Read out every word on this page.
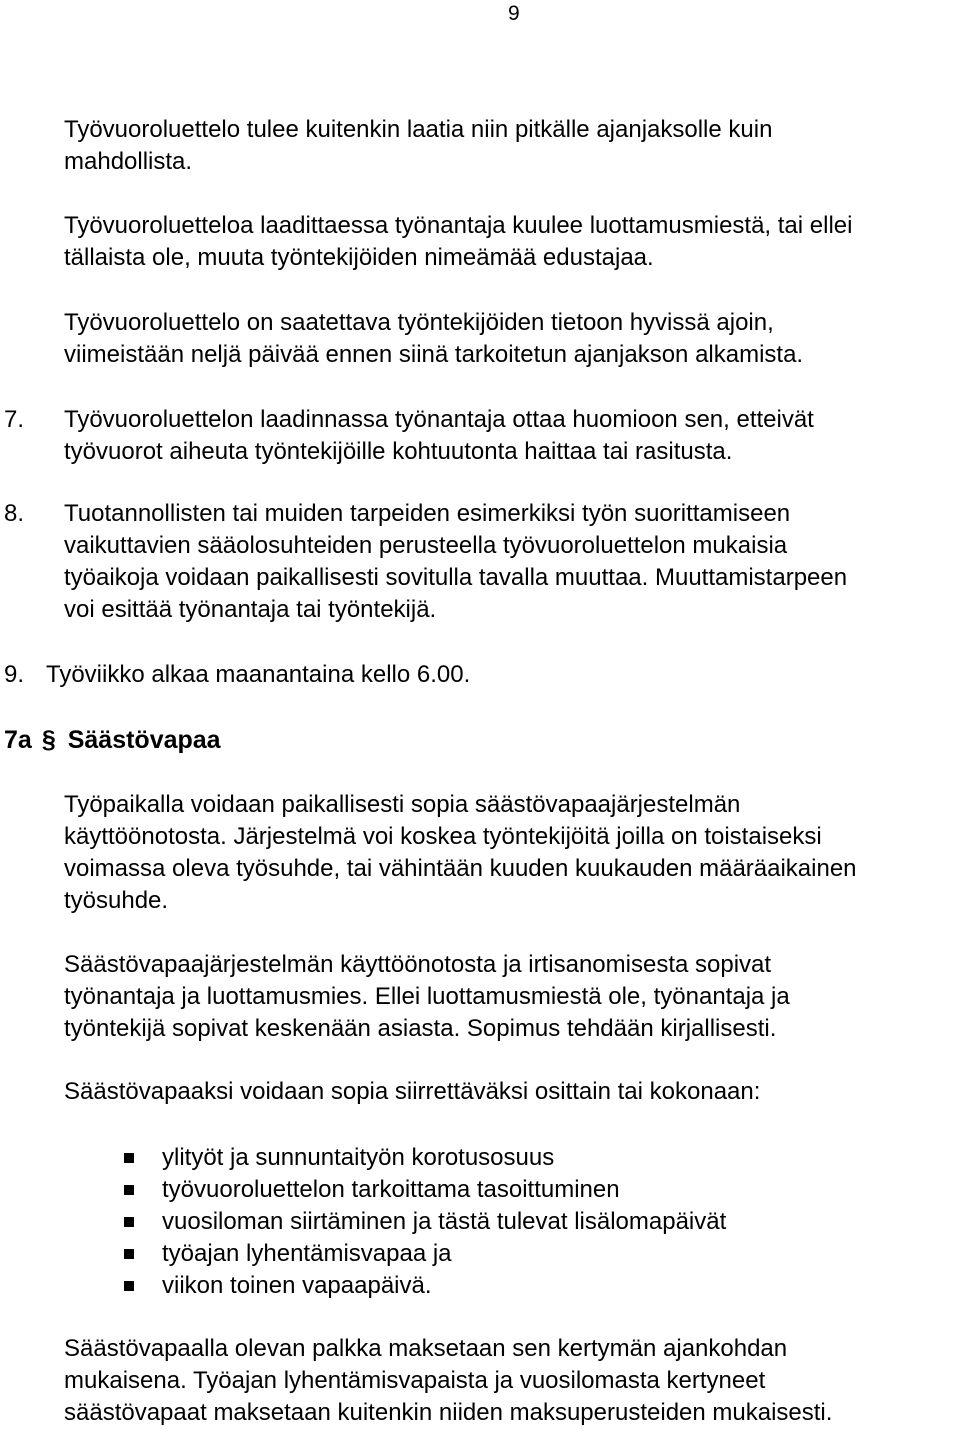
9
Työvuoroluettelo tulee kuitenkin laatia niin pitkälle ajanjaksolle kuin
mahdollista.
Työvuoroluetteloa laadittaessa työnantaja kuulee luottamusmiestä, tai ellei
tällaista ole, muuta työntekijöiden nimeämää edustajaa.
Työvuoroluettelo on saatettava työntekijöiden tietoon hyvissä ajoin,
viimeistään neljä päivää ennen siinä tarkoitetun ajanjakson alkamista.
7.	Työvuoroluettelon laadinnassa työnantaja ottaa huomioon sen, etteivät
työvuorot aiheuta työntekijöille kohtuutonta haittaa tai rasitusta.
8.	Tuotannollisten tai muiden tarpeiden esimerkiksi työn suorittamiseen
vaikuttavien sääolosuhteiden perusteella työvuoroluettelon mukaisia
työaikoja voidaan paikallisesti sovitulla tavalla muuttaa. Muuttamistarpeen
voi esittää työnantaja tai työntekijä.
9. Työviikko alkaa maanantaina kello 6.00.
7a § Säästövapaa
Työpaikalla voidaan paikallisesti sopia säästövapaajärjestelmän
käyttöönotosta. Järjestelmä voi koskea työntekijöitä joilla on toistaiseksi
voimassa oleva työsuhde, tai vähintään kuuden kuukauden määräaikainen
työsuhde.
Säästövapaajärjestelmän käyttöönotosta ja irtisanomisesta sopivat
työnantaja ja luottamusmies. Ellei luottamusmiestä ole, työnantaja ja
työntekijä sopivat keskenään asiasta. Sopimus tehdään kirjallisesti.
Säästövapaaksi voidaan sopia siirrettäväksi osittain tai kokonaan:
ylityöt ja sunnuntaityön korotusosuus
työvuoroluettelon tarkoittama tasoittuminen
vuosiloman siirtäminen ja tästä tulevat lisälomapäivät
työajan lyhentämisvapaa ja
viikon toinen vapaapäivä.
Säästövapaalla olevan palkka maksetaan sen kertymän ajankohdan
mukaisena. Työajan lyhentämisvapaista ja vuosilomasta kertyneet
säästövapaat maksetaan kuitenkin niiden maksuperusteiden mukaisesti.
